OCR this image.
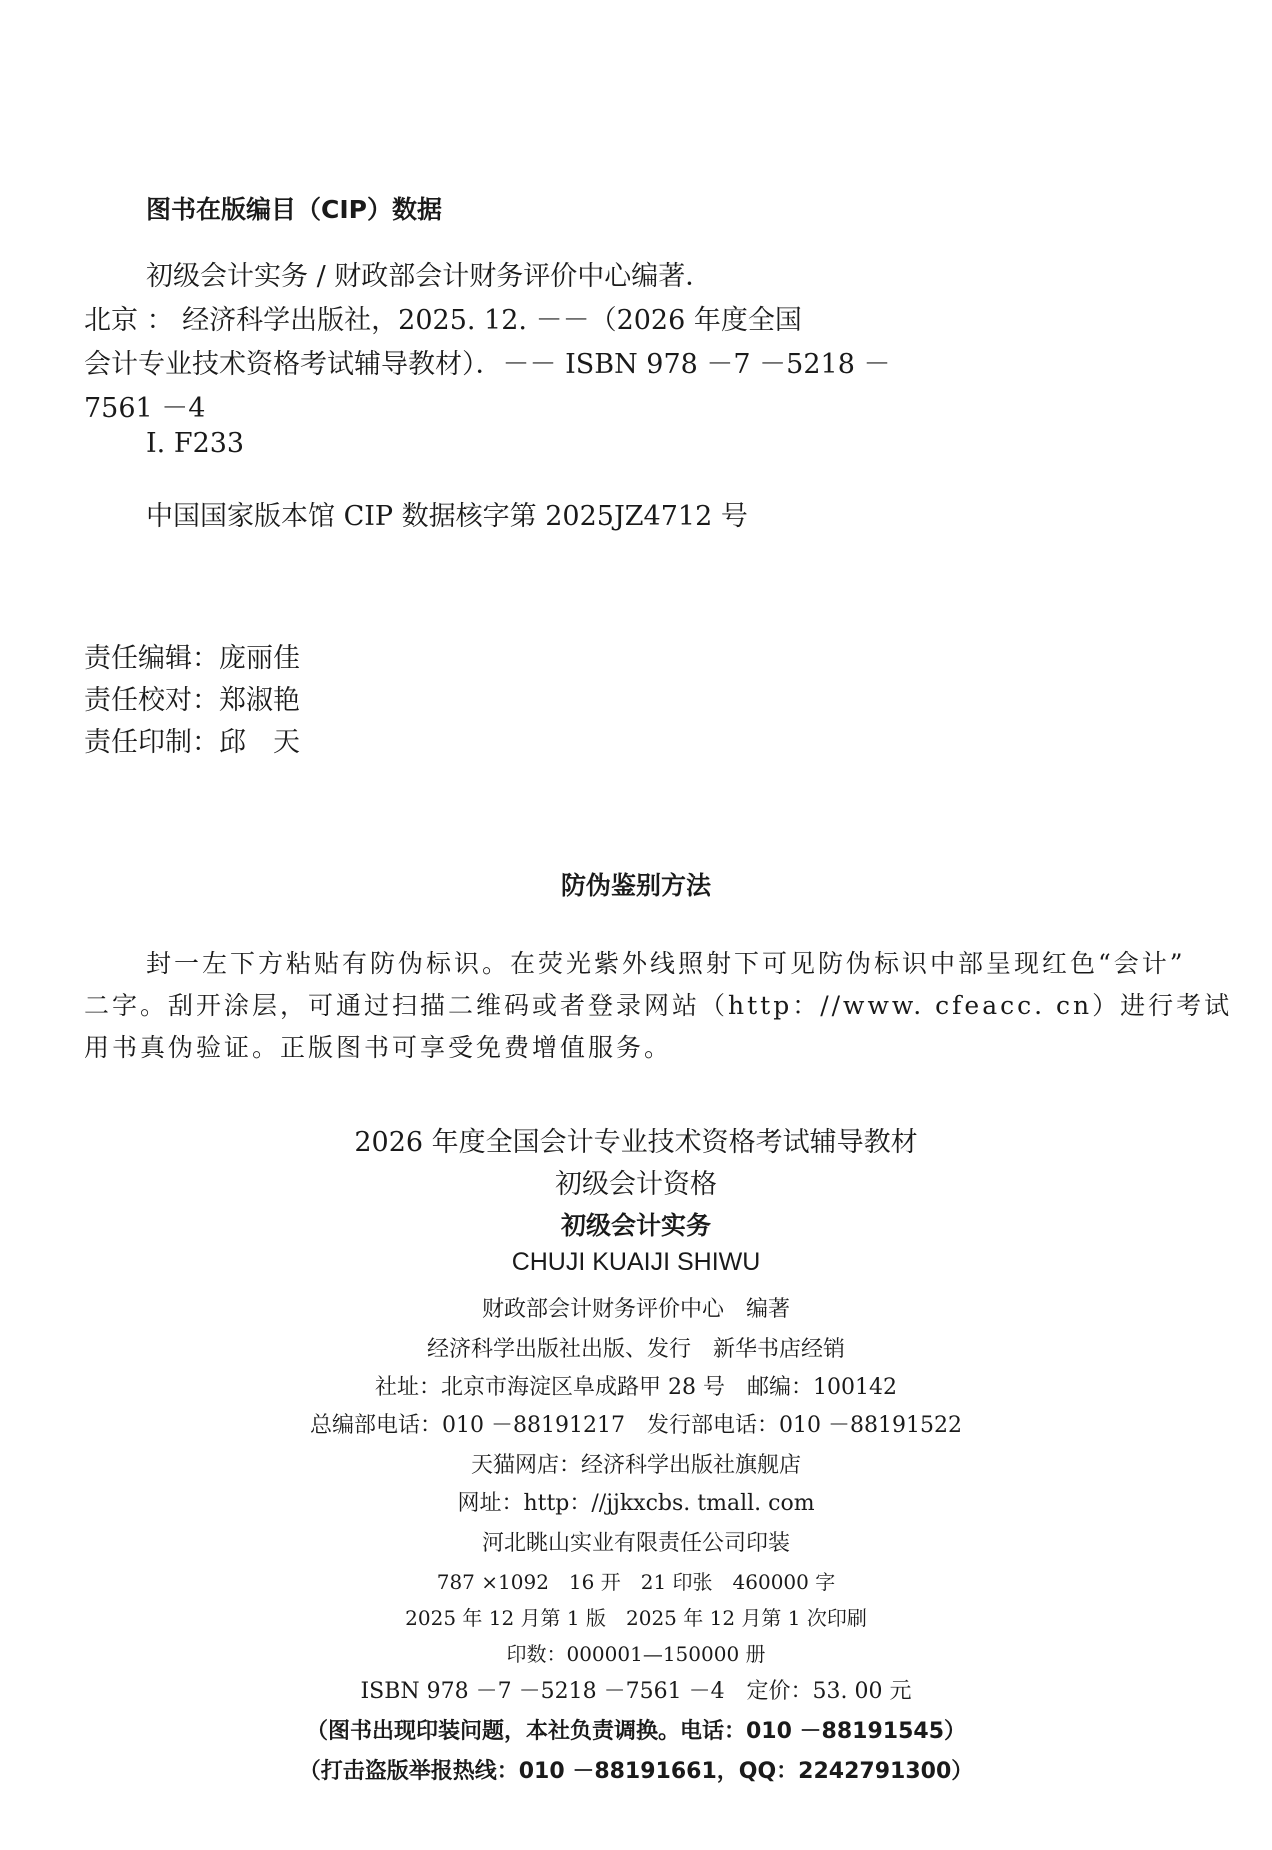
图书在版编目（CIP）数据
初级会计实务 / 财政部会计财务评价中心编著．
北京 ： 经济科学出版社，2025. 12. －－（2026 年度全国
会计专业技术资格考试辅导教材）．－－ ISBN 978 －7 －5218 －
7561 －4
Ⅰ. F233
中国国家版本馆 CIP 数据核字第 2025JZ4712 号
责任编辑：庞丽佳
责任校对：郑淑艳
责任印制：邱　天
防伪鉴别方法
封一左下方粘贴有防伪标识。在荧光紫外线照射下可见防伪标识中部呈现红色“会计”
二字。刮开涂层，可通过扫描二维码或者登录网站（http：//www. cfeacc. cn）进行考试
用书真伪验证。正版图书可享受免费增值服务。
2026 年度全国会计专业技术资格考试辅导教材
初级会计资格
初级会计实务
CHUJI KUAIJI SHIWU
财政部会计财务评价中心　编著
经济科学出版社出版、发行　新华书店经销
社址：北京市海淀区阜成路甲 28 号　邮编：100142
总编部电话：010 －88191217　发行部电话：010 －88191522
天猫网店：经济科学出版社旗舰店
网址：http：//jjkxcbs. tmall. com
河北眺山实业有限责任公司印装
787 ×1092　16 开　21 印张　460000 字
2025 年 12 月第 1 版　2025 年 12 月第 1 次印刷
印数：000001—150000 册
ISBN 978 －7 －5218 －7561 －4　定价：53. 00 元
（图书出现印装问题，本社负责调换。电话：010 －88191545）
（打击盗版举报热线：010 －88191661，QQ：2242791300）
